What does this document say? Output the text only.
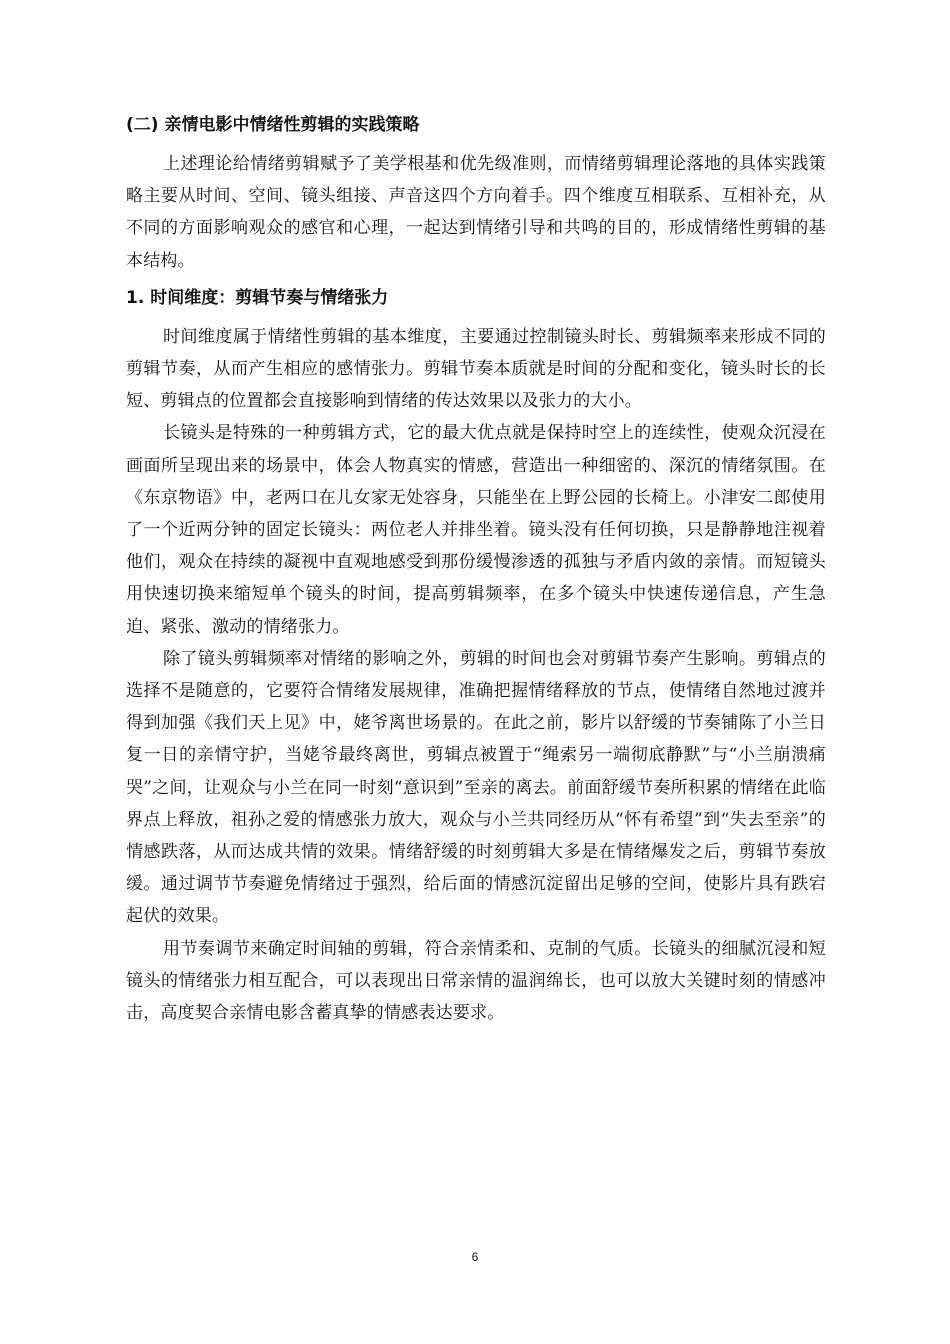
(二) 亲情电影中情绪性剪辑的实践策略

上述理论给情绪剪辑赋予了美学根基和优先级准则，而情绪剪辑理论落地的具体实践策略主要从时间、空间、镜头组接、声音这四个方向着手。四个维度互相联系、互相补充，从不同的方面影响观众的感官和心理，一起达到情绪引导和共鸣的目的，形成情绪性剪辑的基本结构。

1. 时间维度：剪辑节奏与情绪张力

时间维度属于情绪性剪辑的基本维度，主要通过控制镜头时长、剪辑频率来形成不同的剪辑节奏，从而产生相应的感情张力。剪辑节奏本质就是时间的分配和变化，镜头时长的长短、剪辑点的位置都会直接影响到情绪的传达效果以及张力的大小。

长镜头是特殊的一种剪辑方式，它的最大优点就是保持时空上的连续性，使观众沉浸在画面所呈现出来的场景中，体会人物真实的情感，营造出一种细密的、深沉的情绪氛围。在《东京物语》中，老两口在儿女家无处容身，只能坐在上野公园的长椅上。小津安二郎使用了一个近两分钟的固定长镜头：两位老人并排坐着。镜头没有任何切换，只是静静地注视着他们，观众在持续的凝视中直观地感受到那份缓慢渗透的孤独与矛盾内敛的亲情。而短镜头用快速切换来缩短单个镜头的时间，提高剪辑频率，在多个镜头中快速传递信息，产生急迫、紧张、激动的情绪张力。

除了镜头剪辑频率对情绪的影响之外，剪辑的时间也会对剪辑节奏产生影响。剪辑点的选择不是随意的，它要符合情绪发展规律，准确把握情绪释放的节点，使情绪自然地过渡并得到加强《我们天上见》中，姥爷离世场景的。在此之前，影片以舒缓的节奏铺陈了小兰日复一日的亲情守护，当姥爷最终离世，剪辑点被置于“绳索另一端彻底静默”与“小兰崩溃痛哭”之间，让观众与小兰在同一时刻“意识到”至亲的离去。前面舒缓节奏所积累的情绪在此临界点上释放，祖孙之爱的情感张力放大，观众与小兰共同经历从“怀有希望”到“失去至亲”的情感跌落，从而达成共情的效果。情绪舒缓的时刻剪辑大多是在情绪爆发之后，剪辑节奏放缓。通过调节节奏避免情绪过于强烈，给后面的情感沉淀留出足够的空间，使影片具有跌宕起伏的效果。

用节奏调节来确定时间轴的剪辑，符合亲情柔和、克制的气质。长镜头的细腻沉浸和短镜头的情绪张力相互配合，可以表现出日常亲情的温润绵长，也可以放大关键时刻的情感冲击，高度契合亲情电影含蓄真挚的情感表达要求。

6
